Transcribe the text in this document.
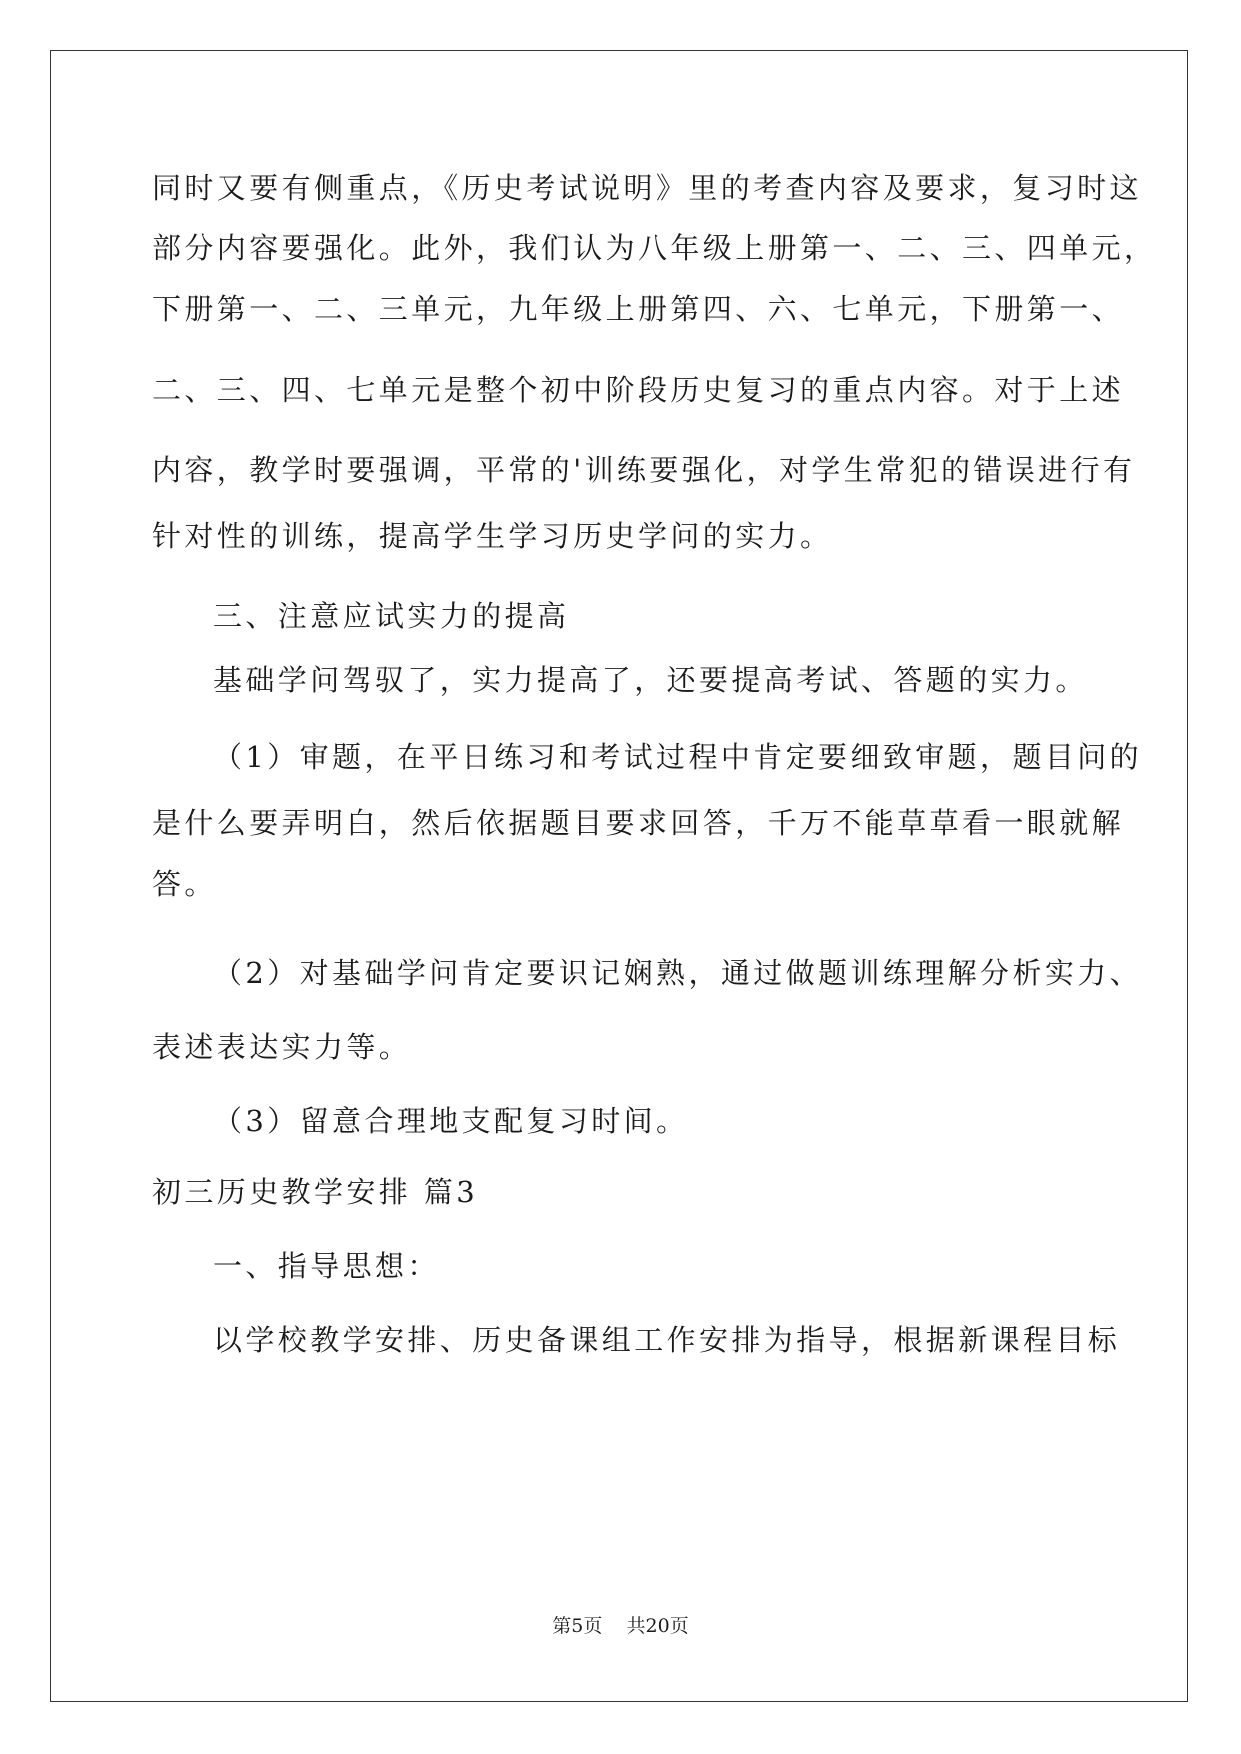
同时又要有侧重点，《历史考试说明》里的考查内容及要求，复习时这
部分内容要强化。此外，我们认为八年级上册第一、二、三、四单元，
下册第一、二、三单元，九年级上册第四、六、七单元，下册第一、
二、三、四、七单元是整个初中阶段历史复习的重点内容。对于上述
内容，教学时要强调，平常的'训练要强化，对学生常犯的错误进行有
针对性的训练，提高学生学习历史学问的实力。
三、注意应试实力的提高
基础学问驾驭了，实力提高了，还要提高考试、答题的实力。
（1）审题，在平日练习和考试过程中肯定要细致审题，题目问的
是什么要弄明白，然后依据题目要求回答，千万不能草草看一眼就解
答。
（2）对基础学问肯定要识记娴熟，通过做题训练理解分析实力、
表述表达实力等。
（3）留意合理地支配复习时间。
初三历史教学安排 篇3
一、指导思想：
以学校教学安排、历史备课组工作安排为指导，根据新课程目标
第5页 共20页
